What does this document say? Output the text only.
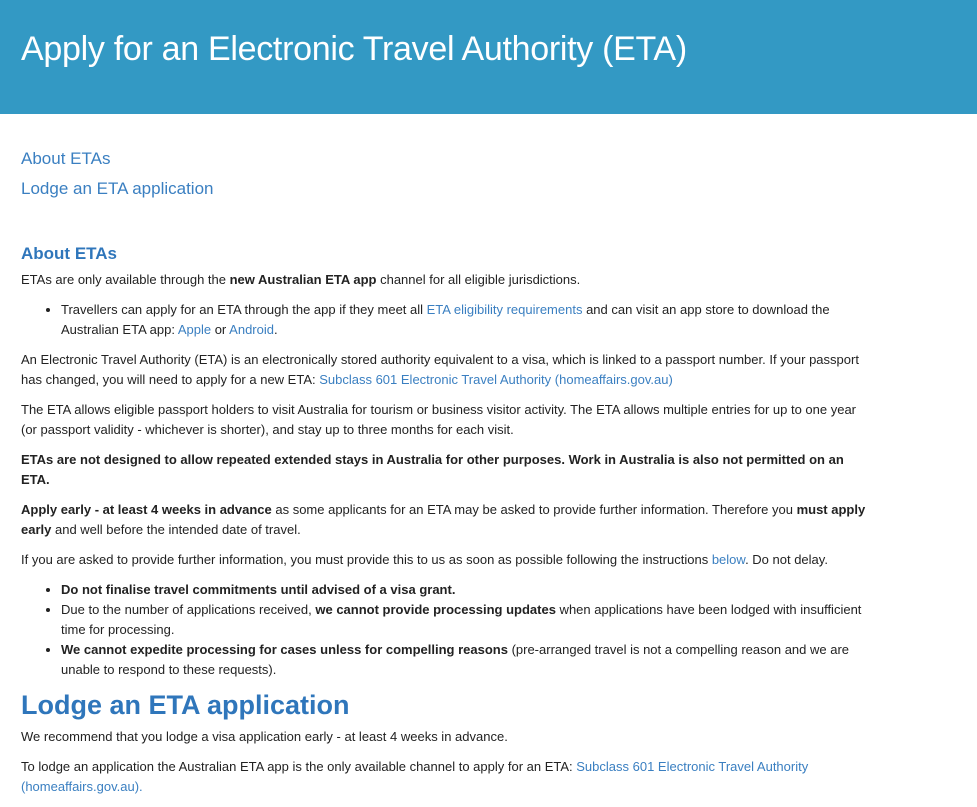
Apply for an Electronic Travel Authority (ETA)
About ETAs
Lodge an ETA application
About ETAs

ETAs are only available through the new Australian ETA app channel for all eligible jurisdictions.

• Travellers can apply for an ETA through the app if they meet all ETA eligibility requirements and can visit an app store to download the Australian ETA app: Apple or Android.

An Electronic Travel Authority (ETA) is an electronically stored authority equivalent to a visa, which is linked to a passport number. If your passport has changed, you will need to apply for a new ETA: Subclass 601 Electronic Travel Authority (homeaffairs.gov.au)

The ETA allows eligible passport holders to visit Australia for tourism or business visitor activity. The ETA allows multiple entries for up to one year (or passport validity - whichever is shorter), and stay up to three months for each visit.

ETAs are not designed to allow repeated extended stays in Australia for other purposes. Work in Australia is also not permitted on an ETA.

Apply early - at least 4 weeks in advance as some applicants for an ETA may be asked to provide further information. Therefore you must apply early and well before the intended date of travel.

If you are asked to provide further information, you must provide this to us as soon as possible following the instructions below. Do not delay.

• Do not finalise travel commitments until advised of a visa grant.
• Due to the number of applications received, we cannot provide processing updates when applications have been lodged with insufficient time for processing.
• We cannot expedite processing for cases unless for compelling reasons (pre-arranged travel is not a compelling reason and we are unable to respond to these requests).
Lodge an ETA application

We recommend that you lodge a visa application early - at least 4 weeks in advance.

To lodge an application the Australian ETA app is the only available channel to apply for an ETA: Subclass 601 Electronic Travel Authority (homeaffairs.gov.au).
